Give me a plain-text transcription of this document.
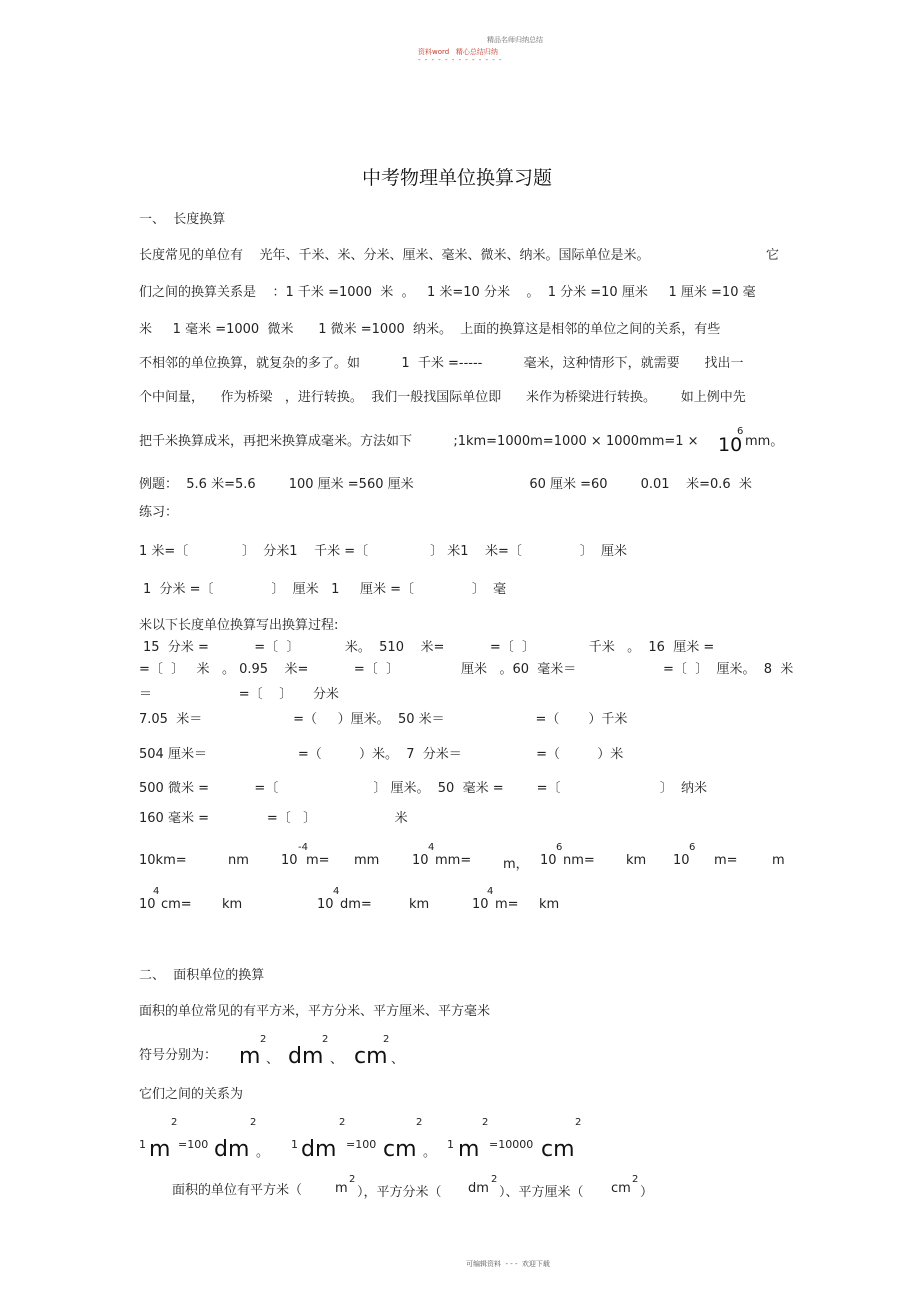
精品名师归纳总结
资料word   精心总结归纳
- - - - - - - - - - - - -
中考物理单位换算习题
一、  长度换算
长度常见的单位有    光年、千米、米、分米、厘米、毫米、微米、纳米。国际单位是米。	它
们之间的换算关系是    ：1 千米 =1000  米  。   1 米=10 分米    。  1 分米 =10 厘米     1 厘米 =10 毫
米     1 毫米 =1000  微米      1 微米 =1000  纳米。  上面的换算这是相邻的单位之间的关系，有些
不相邻的单位换算，就复杂的多了。如          1  千米 =-----          毫米，这种情形下，就需要      找出一
个中间量，    作为桥梁   ，进行转换。  我们一般找国际单位即      米作为桥梁进行转换。      如上例中先
把千米换算成米，再把米换算成毫米。方法如下          ;1km=1000m=1000 × 1000mm=1 × 10
6
mm。
例题：  5.6 米=5.6        100 厘米 =560 厘米                            60 厘米 =60        0.01    米=0.6  米
练习：
1 米=〔             〕  分米1    千米 =〔               〕 米1    米=〔              〕  厘米
1  分米 =〔              〕  厘米   1     厘米 =〔              〕  毫
米以下长度单位换算写出换算过程:
15  分米 =           =〔  〕           米。  510    米=           =〔  〕             千米   。  16  厘米 =
=〔  〕   米   。 0.95    米=           =〔  〕               厘米   。60  毫米＝                     =〔  〕  厘米。  8  米
＝                     =〔    〕     分米
7.05  米＝                      =（     ）厘米。  50 米＝                      =（       ）千米
504 厘米＝                      =（         ）米。  7  分米＝                  =（         ）米
500 微米 =           =〔                       〕 厘米。  50  毫米 =        =〔                        〕  纳米
160 毫米 =              =〔   〕                   米
-4	4	6	6
10km=	nm 10 m= mm	10 mm= m， 10 nm= km 10 m=	m
4	4	4
10 cm= km	10 dm=	km	10 m= km
二、  面积单位的换算
面积的单位常见的有平方米，平方分米、平方厘米、平方毫米
符号分别为：
2	2	2
m 、 dm 、 cm 、
它们之间的关系为
2	2	2	2	2	2
1 m =100 dm 。
1 dm =100 cm 。
1 m =10000 cm
面积的单位有平方米（	m
2
），平方分米（ dm
2
）、平方厘米（ cm
2
）
可编辑资料  - - -  欢迎下载
